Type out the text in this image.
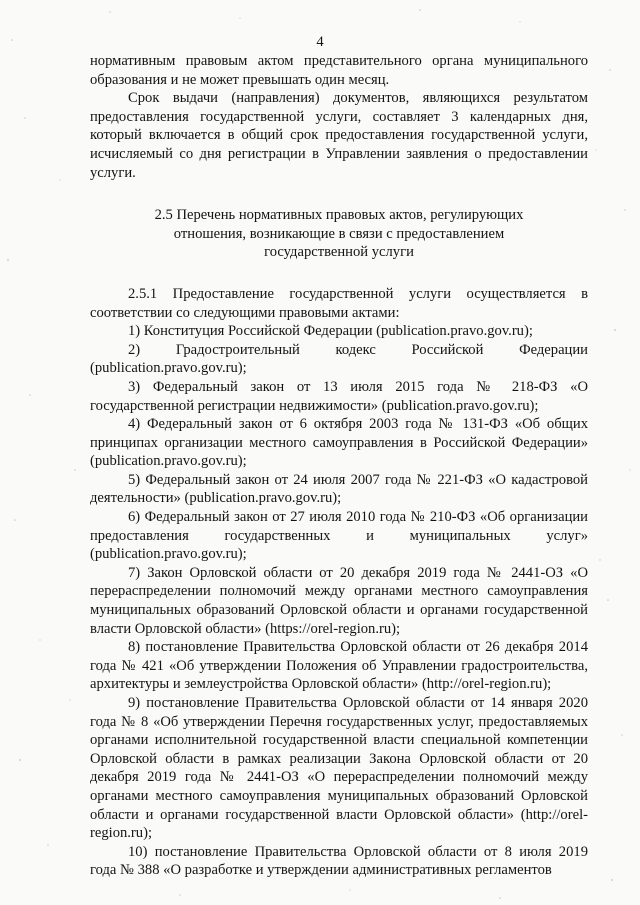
4

нормативным правовым актом представительного органа муниципального образования и не может превышать один месяц.

Срок выдачи (направления) документов, являющихся результатом предоставления государственной услуги, составляет 3 календарных дня, который включается в общий срок предоставления государственной услуги, исчисляемый со дня регистрации в Управлении заявления о предоставлении услуги.

2.5 Перечень нормативных правовых актов, регулирующих отношения, возникающие в связи с предоставлением государственной услуги

2.5.1 Предоставление государственной услуги осуществляется в соответствии со следующими правовыми актами:

1) Конституция Российской Федерации (publication.pravo.gov.ru);

2) Градостроительный кодекс Российской Федерации (publication.pravo.gov.ru);

3) Федеральный закон от 13 июля 2015 года № 218-ФЗ «О государственной регистрации недвижимости» (publication.pravo.gov.ru);

4) Федеральный закон от 6 октября 2003 года № 131-ФЗ «Об общих принципах организации местного самоуправления в Российской Федерации» (publication.pravo.gov.ru);

5) Федеральный закон от 24 июля 2007 года № 221-ФЗ «О кадастровой деятельности» (publication.pravo.gov.ru);

6) Федеральный закон от 27 июля 2010 года № 210-ФЗ «Об организации предоставления государственных и муниципальных услуг» (publication.pravo.gov.ru);

7) Закон Орловской области от 20 декабря 2019 года № 2441-ОЗ «О перераспределении полномочий между органами местного самоуправления муниципальных образований Орловской области и органами государственной власти Орловской области» (https://orel-region.ru);

8) постановление Правительства Орловской области от 26 декабря 2014 года № 421 «Об утверждении Положения об Управлении градостроительства, архитектуры и землеустройства Орловской области» (http://orel-region.ru);

9) постановление Правительства Орловской области от 14 января 2020 года № 8 «Об утверждении Перечня государственных услуг, предоставляемых органами исполнительной государственной власти специальной компетенции Орловской области в рамках реализации Закона Орловской области от 20 декабря 2019 года № 2441-ОЗ «О перераспределении полномочий между органами местного самоуправления муниципальных образований Орловской области и органами государственной власти Орловской области» (http://orel-region.ru);

10) постановление Правительства Орловской области от 8 июля 2019 года № 388 «О разработке и утверждении административных регламентов
